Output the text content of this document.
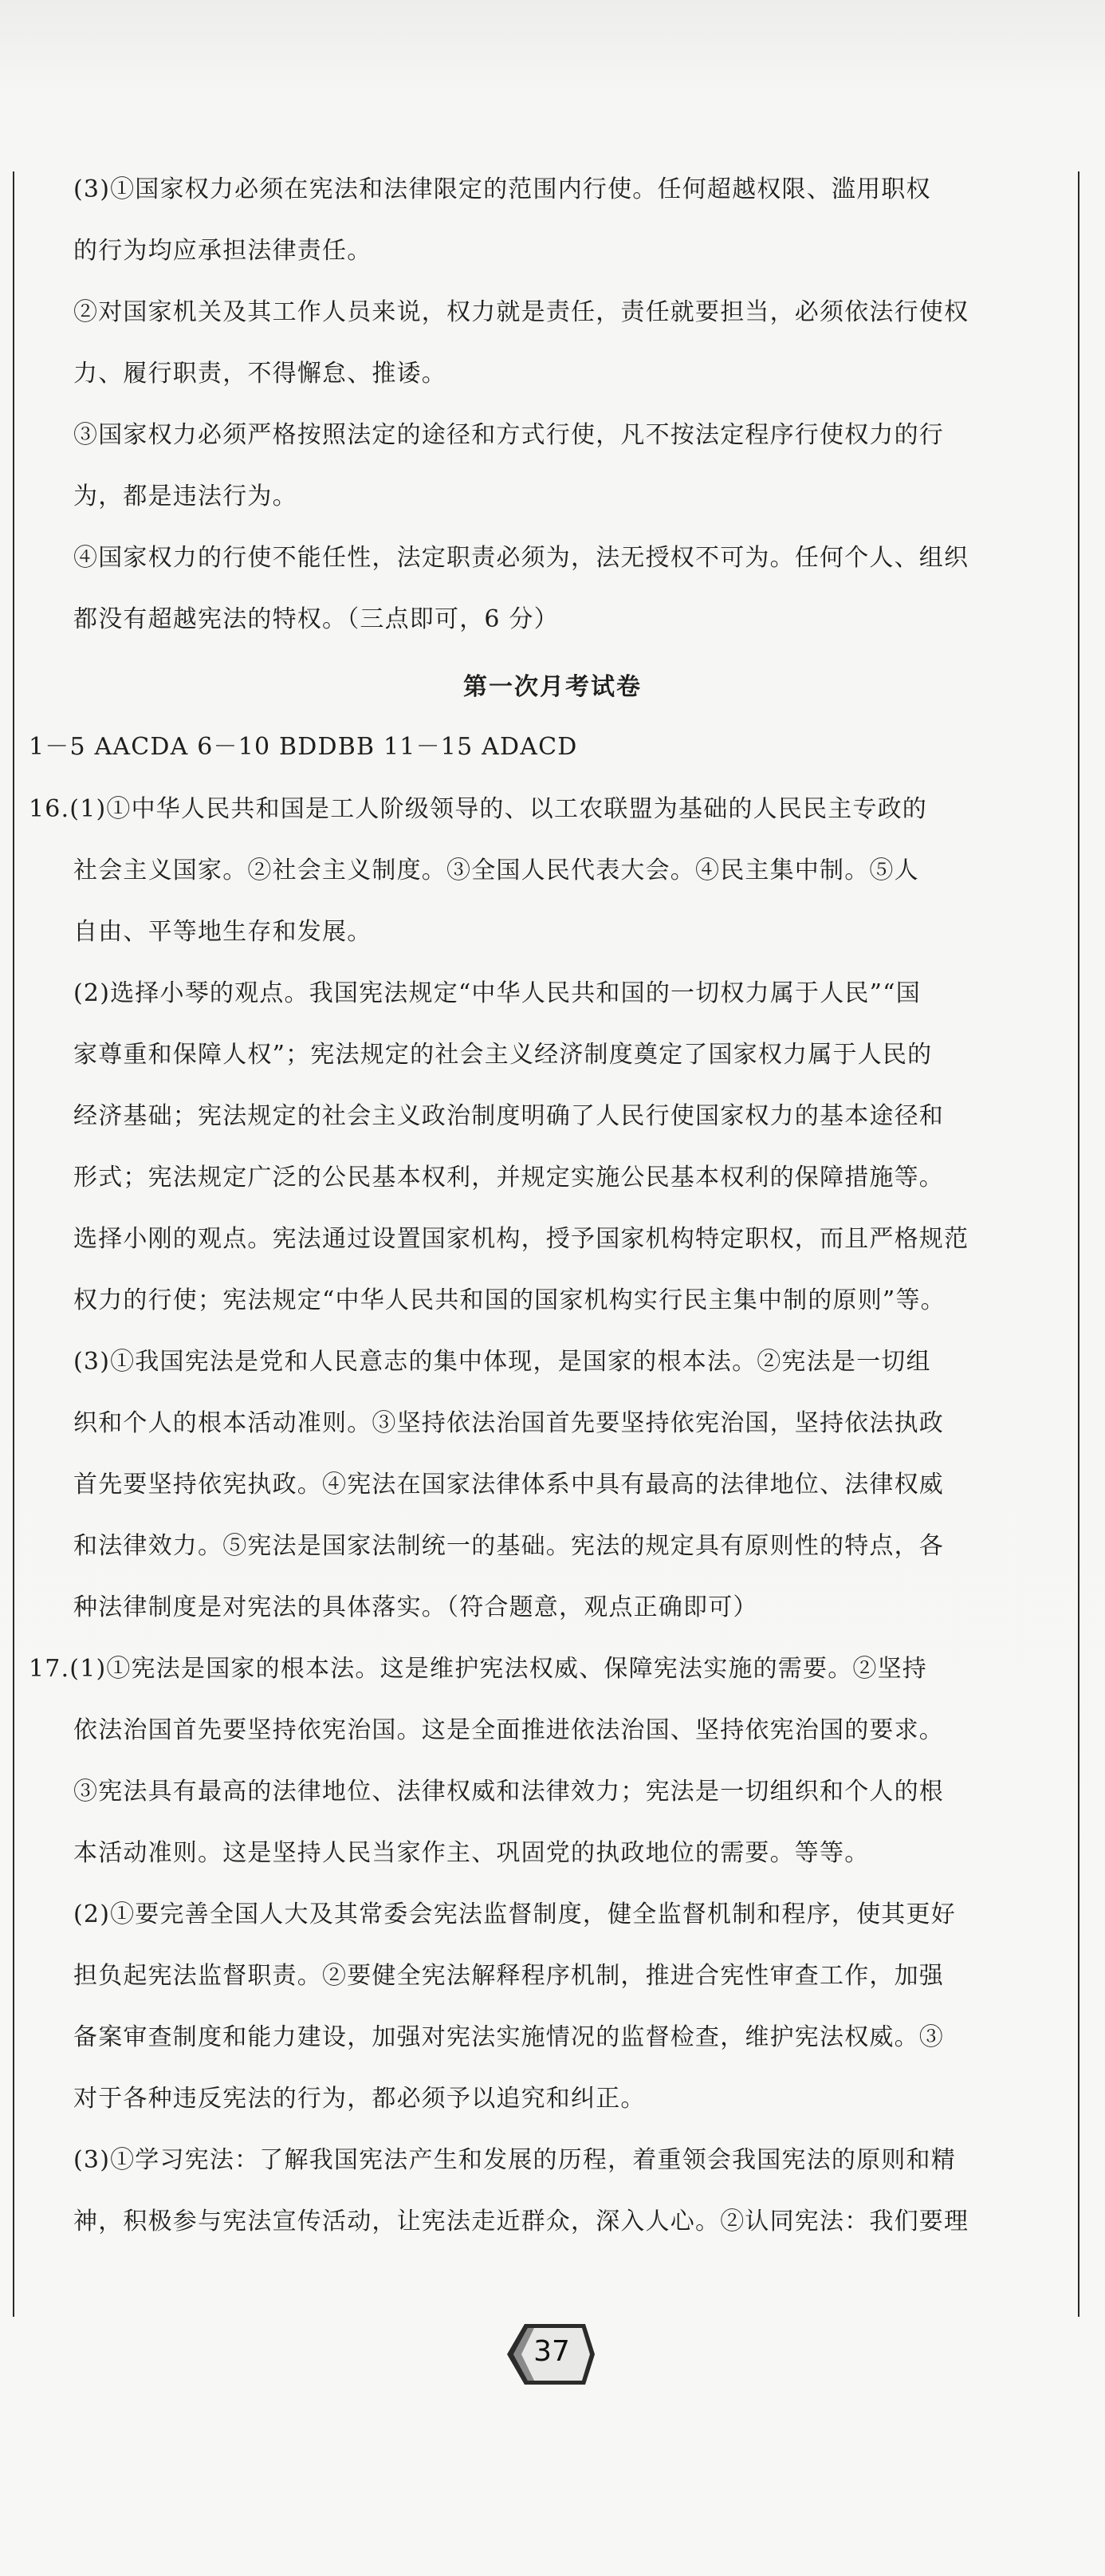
(3)①国家权力必须在宪法和法律限定的范围内行使。任何超越权限、滥用职权
的行为均应承担法律责任。
②对国家机关及其工作人员来说，权力就是责任，责任就要担当，必须依法行使权
力、履行职责，不得懈怠、推诿。
③国家权力必须严格按照法定的途径和方式行使，凡不按法定程序行使权力的行
为，都是违法行为。
④国家权力的行使不能任性，法定职责必须为，法无授权不可为。任何个人、组织
都没有超越宪法的特权。（三点即可，6 分）
第一次月考试卷
1－5 AACDA 6－10 BDDBB 11－15 ADACD
16.(1)①中华人民共和国是工人阶级领导的、以工农联盟为基础的人民民主专政的
社会主义国家。②社会主义制度。③全国人民代表大会。④民主集中制。⑤人
自由、平等地生存和发展。
(2)选择小琴的观点。我国宪法规定“中华人民共和国的一切权力属于人民”“国
家尊重和保障人权”；宪法规定的社会主义经济制度奠定了国家权力属于人民的
经济基础；宪法规定的社会主义政治制度明确了人民行使国家权力的基本途径和
形式；宪法规定广泛的公民基本权利，并规定实施公民基本权利的保障措施等。
选择小刚的观点。宪法通过设置国家机构，授予国家机构特定职权，而且严格规范
权力的行使；宪法规定“中华人民共和国的国家机构实行民主集中制的原则”等。
(3)①我国宪法是党和人民意志的集中体现，是国家的根本法。②宪法是一切组
织和个人的根本活动准则。③坚持依法治国首先要坚持依宪治国，坚持依法执政
首先要坚持依宪执政。④宪法在国家法律体系中具有最高的法律地位、法律权威
和法律效力。⑤宪法是国家法制统一的基础。宪法的规定具有原则性的特点，各
种法律制度是对宪法的具体落实。（符合题意，观点正确即可）
17.(1)①宪法是国家的根本法。这是维护宪法权威、保障宪法实施的需要。②坚持
依法治国首先要坚持依宪治国。这是全面推进依法治国、坚持依宪治国的要求。
③宪法具有最高的法律地位、法律权威和法律效力；宪法是一切组织和个人的根
本活动准则。这是坚持人民当家作主、巩固党的执政地位的需要。等等。
(2)①要完善全国人大及其常委会宪法监督制度，健全监督机制和程序，使其更好
担负起宪法监督职责。②要健全宪法解释程序机制，推进合宪性审查工作，加强
备案审查制度和能力建设，加强对宪法实施情况的监督检查，维护宪法权威。③
对于各种违反宪法的行为，都必须予以追究和纠正。
(3)①学习宪法：了解我国宪法产生和发展的历程，着重领会我国宪法的原则和精
神，积极参与宪法宣传活动，让宪法走近群众，深入人心。②认同宪法：我们要理
37
